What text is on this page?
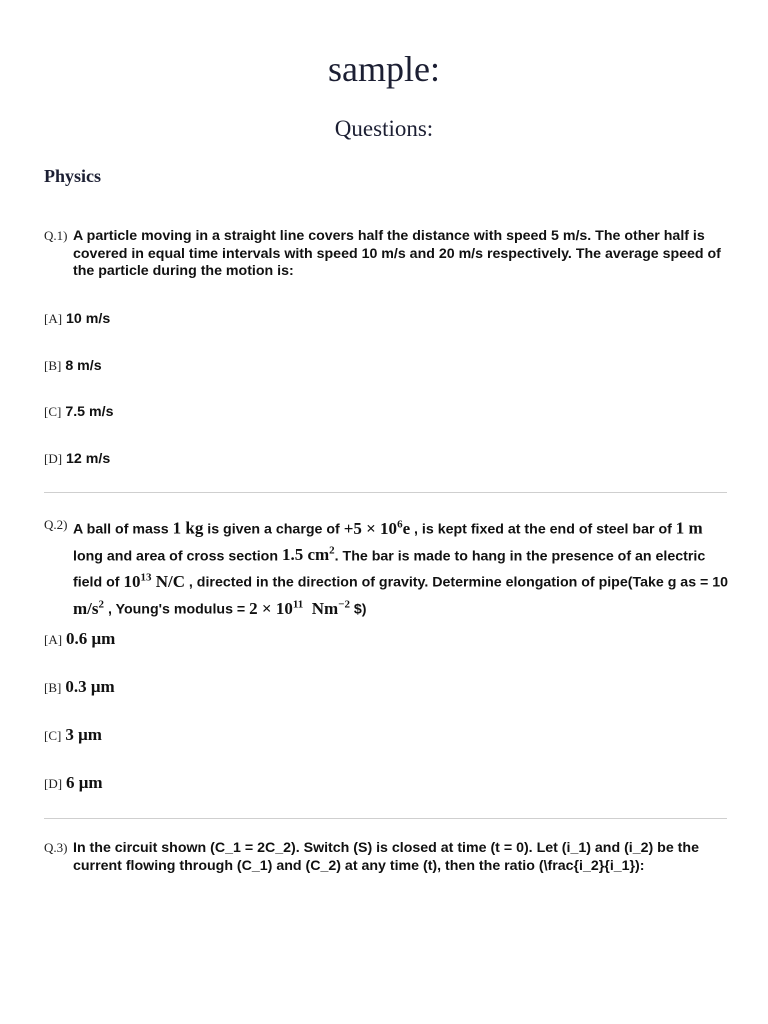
sample:
Questions:
Physics
Q.1) A particle moving in a straight line covers half the distance with speed 5 m/s. The other half is covered in equal time intervals with speed 10 m/s and 20 m/s respectively. The average speed of the particle during the motion is:
[A] 10 m/s
[B] 8 m/s
[C] 7.5 m/s
[D] 12 m/s
Q.2) A ball of mass 1 kg is given a charge of $+5 \times 10^6e$ , is kept fixed at the end of steel bar of 1 m long and area of cross section 1.5 $cm^2$. The bar is made to hang in the presence of an electric field of $10^{13}$ N/C , directed in the direction of gravity. Determine elongation of pipe(Take g as = 10 $m/s^2$ , Young's modulus = $2 \times 10^{11}$ $Nm^{-2}$ $)
[A] 0.6 μm
[B] 0.3 μm
[C] 3 μm
[D] 6 μm
Q.3) In the circuit shown (C_1 = 2C_2). Switch (S) is closed at time (t = 0). Let (i_1) and (i_2) be the current flowing through (C_1) and (C_2) at any time (t), then the ratio (\frac{i_2}{i_1}):
